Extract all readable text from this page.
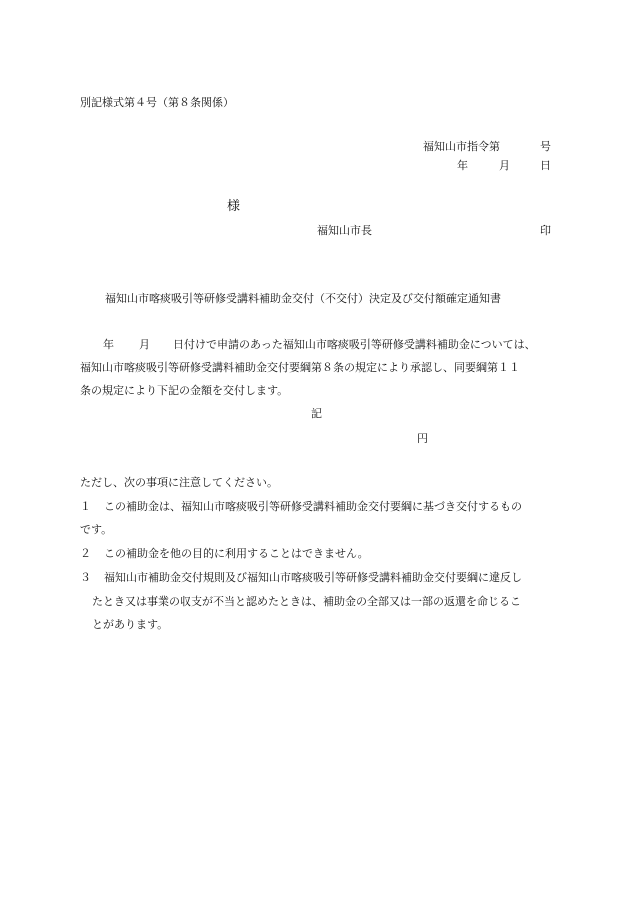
別記様式第４号（第８条関係）
福知山市指令第	号
年	月	日
様
福知山市長	印
福知山市喀痰吸引等研修受講料補助金交付（不交付）決定及び交付額確定通知書
年 月 日付けで申請のあった福知山市喀痰吸引等研修受講料補助金については、
福知山市喀痰吸引等研修受講料補助金交付要綱第８条の規定により承認し、同要綱第１１
条の規定により下記の金額を交付します。
記
円
ただし、次の事項に注意してください。
１ この補助金は、福知山市喀痰吸引等研修受講料補助金交付要綱に基づき交付するもの
です。
２ この補助金を他の目的に利用することはできません。
３ 福知山市補助金交付規則及び福知山市喀痰吸引等研修受講料補助金交付要綱に違反し
たとき又は事業の収支が不当と認めたときは、補助金の全部又は一部の返還を命じるこ
とがあります。
